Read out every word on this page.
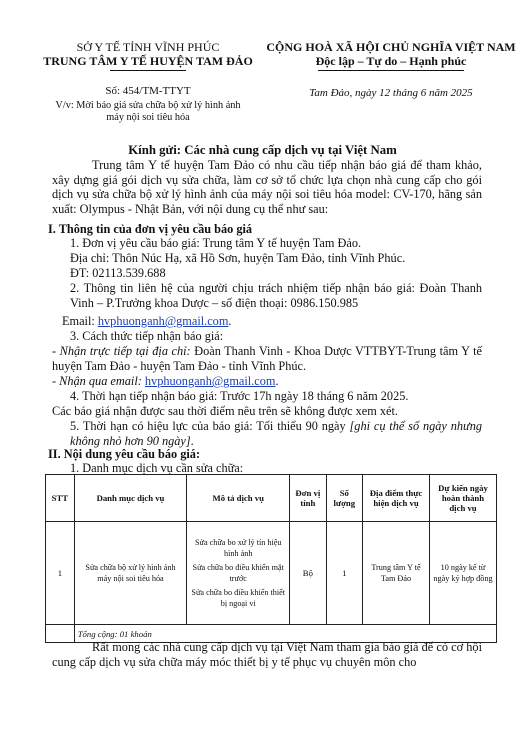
SỞ Y TẾ TỈNH VĨNH PHÚC
TRUNG TÂM Y TẾ HUYỆN TAM ĐẢO
CỘNG HOÀ XÃ HỘI CHỦ NGHĨA VIỆT NAM
Độc lập – Tự do – Hạnh phúc
Số: 454/TM-TTYT
V/v: Mời báo giá sửa chữa bộ xử lý hình ảnh
máy nội soi tiêu hóa
Tam Đảo, ngày 12 tháng 6 năm 2025
Kính gửi: Các nhà cung cấp dịch vụ tại Việt Nam
Trung tâm Y tế huyện Tam Đảo có nhu cầu tiếp nhận báo giá để tham khảo, xây dựng giá gói dịch vụ sửa chữa, làm cơ sở tổ chức lựa chọn nhà cung cấp cho gói dịch vụ sửa chữa bộ xử lý hình ảnh của máy nội soi tiêu hóa model: CV-170, hãng sản xuất: Olympus - Nhật Bản, với nội dung cụ thể như sau:
I. Thông tin của đơn vị yêu cầu báo giá
1. Đơn vị yêu cầu báo giá: Trung tâm Y tế huyện Tam Đảo.
Địa chỉ: Thôn Núc Hạ, xã Hồ Sơn, huyện Tam Đảo, tỉnh Vĩnh Phúc.
ĐT: 02113.539.688
2. Thông tin liên hệ của người chịu trách nhiệm tiếp nhận báo giá: Đoàn Thanh Vinh – P.Trưởng khoa Dược – số điện thoại: 0986.150.985
Email: hvphuonganh@gmail.com.
3. Cách thức tiếp nhận báo giá:
- Nhận trực tiếp tại địa chỉ: Đoàn Thanh Vinh - Khoa Dược VTTBYT-Trung tâm Y tế huyện Tam Đảo - huyện Tam Đảo - tỉnh Vĩnh Phúc.
- Nhận qua email: hvphuonganh@gmail.com.
4. Thời hạn tiếp nhận báo giá: Trước 17h ngày 18 tháng 6 năm 2025.
Các báo giá nhận được sau thời điểm nêu trên sẽ không được xem xét.
5. Thời hạn có hiệu lực của báo giá: Tối thiểu 90 ngày [ghi cụ thể số ngày nhưng không nhỏ hơn 90 ngày].
II. Nội dung yêu cầu báo giá:
1. Danh mục dịch vụ cần sửa chữa:
STT	Danh mục dịch vụ	Mô tả dịch vụ	Đơn vị tính	Số lượng	Địa điểm thực hiện dịch vụ	Dự kiến ngày hoàn thành dịch vụ
1	Sửa chữa bộ xử lý hình ảnh máy nội soi tiêu hóa	Sửa chữa bo xử lý tín hiệu hình ảnh
Sửa chữa bo điều khiển mặt trước
Sửa chữa bo điều khiển thiết bị ngoại vi	Bộ	1	Trung tâm Y tế Tam Đảo	10 ngày kể từ ngày ký hợp đồng
	Tổng cộng: 01 khoản					
Rất mong các nhà cung cấp dịch vụ tại Việt Nam tham gia báo giá để có cơ hội cung cấp dịch vụ sửa chữa máy móc thiết bị y tế phục vụ chuyên môn cho
